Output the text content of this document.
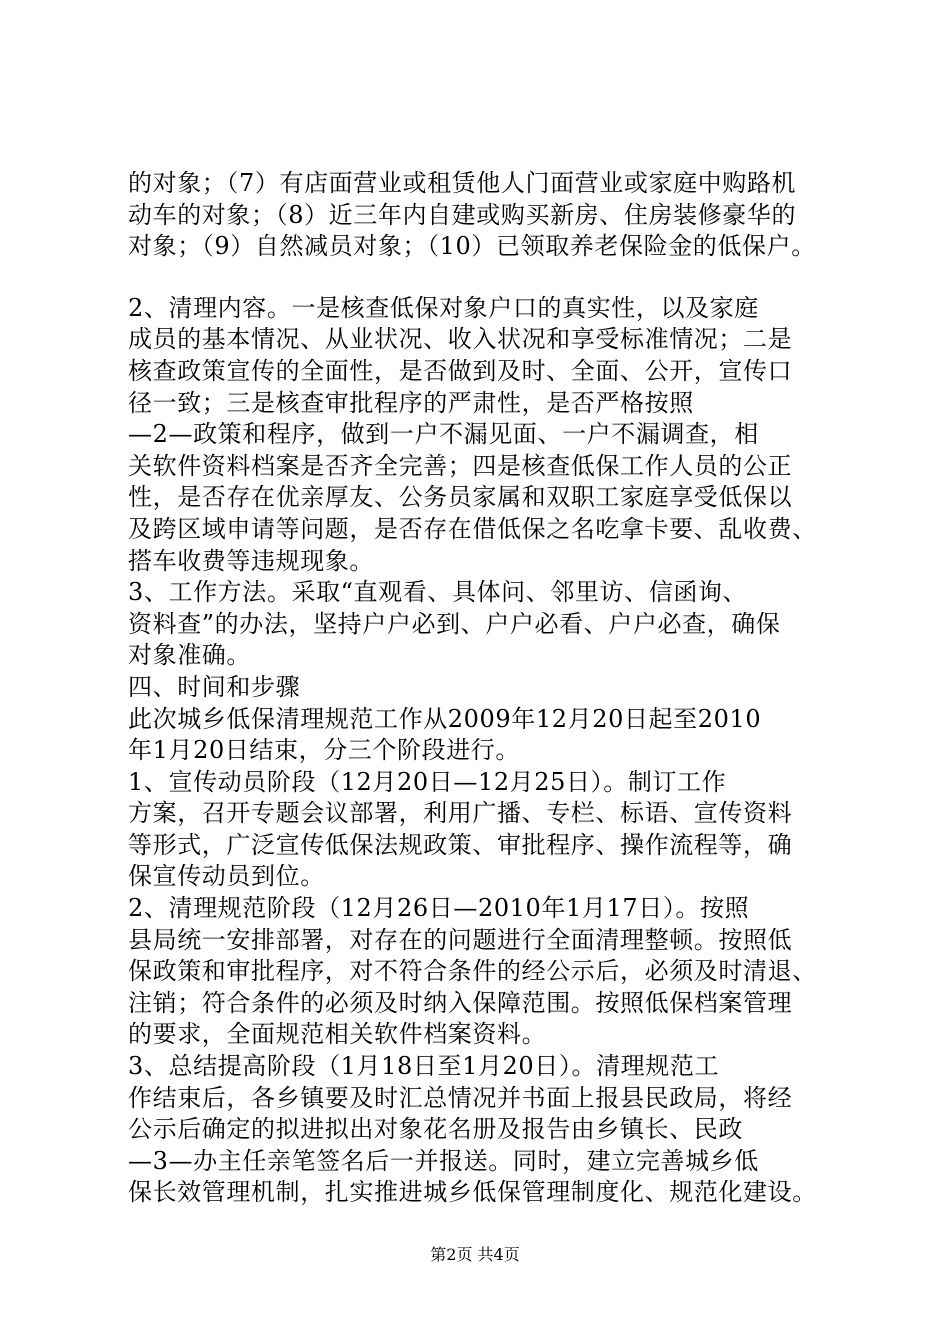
的对象；（7）有店面营业或租赁他人门面营业或家庭中购路机
动车的对象；（8）近三年内自建或购买新房、住房装修豪华的
对象；（9）自然减员对象；（10）已领取养老保险金的低保户。
2、清理内容。一是核查低保对象户口的真实性，以及家庭
成员的基本情况、从业状况、收入状况和享受标准情况；二是
核查政策宣传的全面性，是否做到及时、全面、公开，宣传口
径一致；三是核查审批程序的严肃性，是否严格按照
—2—政策和程序，做到一户不漏见面、一户不漏调查，相
关软件资料档案是否齐全完善；四是核查低保工作人员的公正
性，是否存在优亲厚友、公务员家属和双职工家庭享受低保以
及跨区域申请等问题，是否存在借低保之名吃拿卡要、乱收费、
搭车收费等违规现象。
3、工作方法。采取“直观看、具体问、邻里访、信函询、
资料查”的办法，坚持户户必到、户户必看、户户必查，确保
对象准确。
四、时间和步骤
此次城乡低保清理规范工作从2009年12月20日起至2010
年1月20日结束，分三个阶段进行。
1、宣传动员阶段（12月20日—12月25日）。制订工作
方案，召开专题会议部署，利用广播、专栏、标语、宣传资料
等形式，广泛宣传低保法规政策、审批程序、操作流程等，确
保宣传动员到位。
2、清理规范阶段（12月26日—2010年1月17日）。按照
县局统一安排部署，对存在的问题进行全面清理整顿。按照低
保政策和审批程序，对不符合条件的经公示后，必须及时清退、
注销；符合条件的必须及时纳入保障范围。按照低保档案管理
的要求，全面规范相关软件档案资料。
3、总结提高阶段（1月18日至1月20日）。清理规范工
作结束后，各乡镇要及时汇总情况并书面上报县民政局，将经
公示后确定的拟进拟出对象花名册及报告由乡镇长、民政
—3—办主任亲笔签名后一并报送。同时，建立完善城乡低
保长效管理机制，扎实推进城乡低保管理制度化、规范化建设。
第2页 共4页
